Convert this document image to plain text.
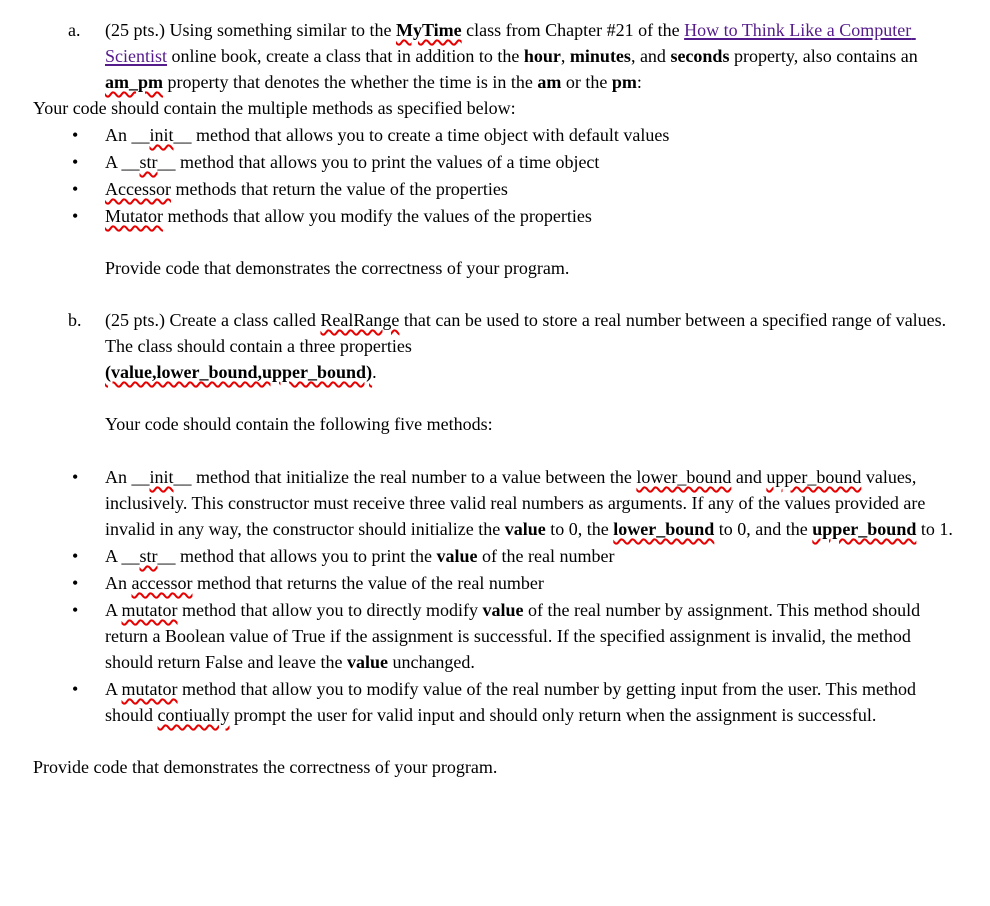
a.	(25 pts.) Using something similar to the MyTime class from Chapter #21 of the How to Think Like a Computer Scientist online book, create a class that in addition to the hour, minutes, and seconds property, also contains an am_pm property that denotes the whether the time is in the am or the pm:

Your code should contain the multiple methods as specified below:

•	An __init__ method that allows you to create a time object with default values

•	A __str__ method that allows you to print the values of a time object

•	Accessor methods that return the value of the properties

•	Mutator methods that allow you modify the values of the properties

Provide code that demonstrates the correctness of your program.

b.	(25 pts.) Create a class called RealRange that can be used to store a real number between a specified range of values. The class should contain a three properties
(value,lower_bound,upper_bound).

Your code should contain the following five methods:

•	An __init__ method that initialize the real number to a value between the lower_bound and upper_bound values, inclusively. This constructor must receive three valid real numbers as arguments. If any of the values provided are invalid in any way, the constructor should initialize the value to 0, the lower_bound to 0, and the upper_bound to 1.

•	A __str__ method that allows you to print the value of the real number

•	An accessor method that returns the value of the real number

•	A mutator method that allow you to directly modify value of the real number by assignment. This method should return a Boolean value of True if the assignment is successful. If the specified assignment is invalid, the method should return False and leave the value unchanged.

•	A mutator method that allow you to modify value of the real number by getting input from the user. This method should contiually prompt the user for valid input and should only return when the assignment is successful.

Provide code that demonstrates the correctness of your program.
